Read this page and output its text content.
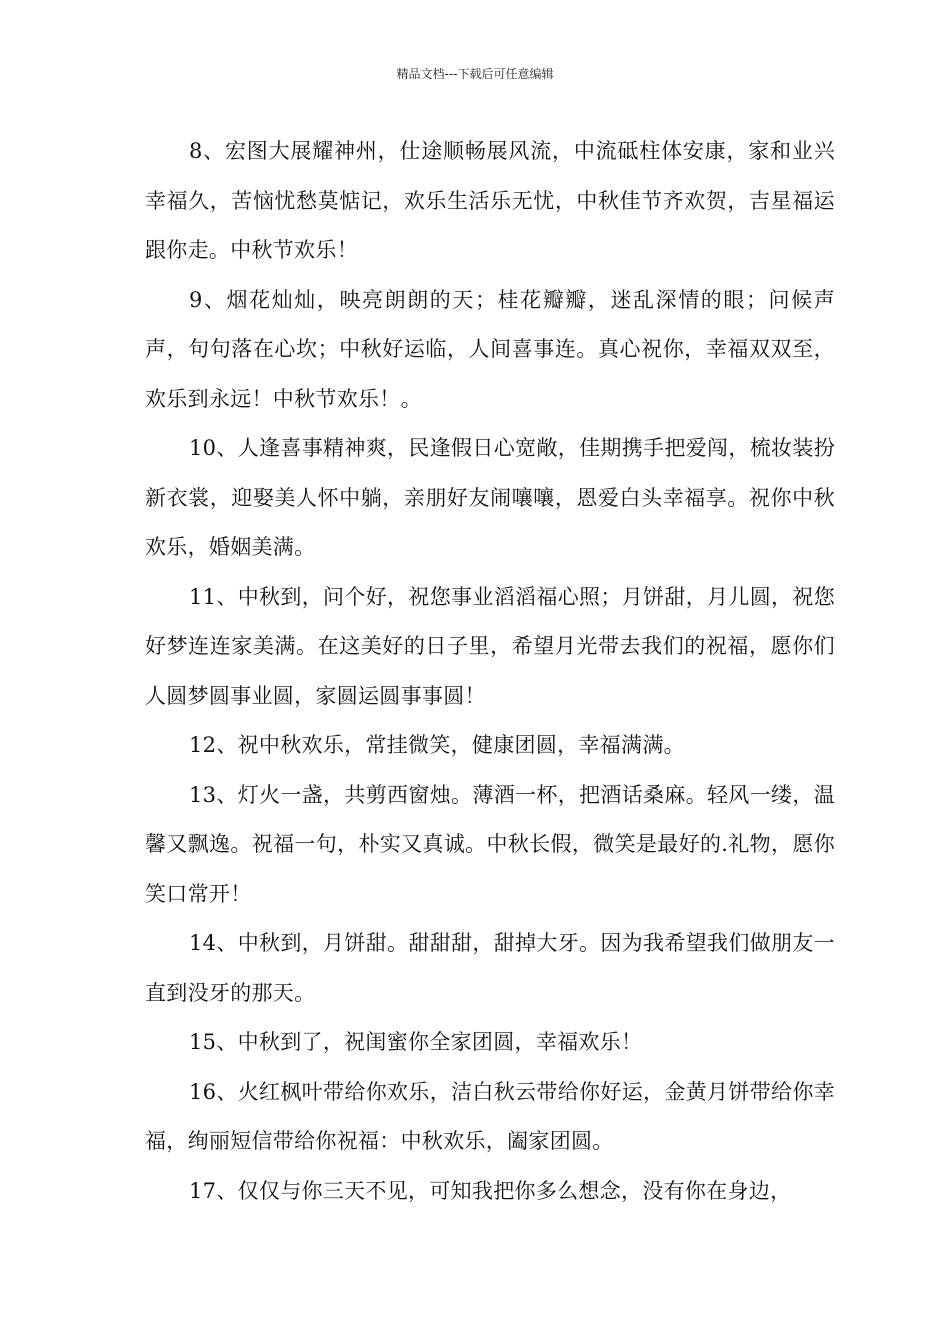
精品文档---下载后可任意编辑

8、宏图大展耀神州，仕途顺畅展风流，中流砥柱体安康，家和业兴幸福久，苦恼忧愁莫惦记，欢乐生活乐无忧，中秋佳节齐欢贺，吉星福运跟你走。中秋节欢乐！

9、烟花灿灿，映亮朗朗的天；桂花瓣瓣，迷乱深情的眼；问候声声，句句落在心坎；中秋好运临，人间喜事连。真心祝你，幸福双双至，欢乐到永远！中秋节欢乐！。

10、人逢喜事精神爽，民逢假日心宽敞，佳期携手把爱闯，梳妆装扮新衣裳，迎娶美人怀中躺，亲朋好友闹嚷嚷，恩爱白头幸福享。祝你中秋欢乐，婚姻美满。

11、中秋到，问个好，祝您事业滔滔福心照；月饼甜，月儿圆，祝您好梦连连家美满。在这美好的日子里，希望月光带去我们的祝福，愿你们人圆梦圆事业圆，家圆运圆事事圆！

12、祝中秋欢乐，常挂微笑，健康团圆，幸福满满。

13、灯火一盏，共剪西窗烛。薄酒一杯，把酒话桑麻。轻风一缕，温馨又飘逸。祝福一句，朴实又真诚。中秋长假，微笑是最好的.礼物，愿你笑口常开！

14、中秋到，月饼甜。甜甜甜，甜掉大牙。因为我希望我们做朋友一直到没牙的那天。

15、中秋到了，祝闺蜜你全家团圆，幸福欢乐！

16、火红枫叶带给你欢乐，洁白秋云带给你好运，金黄月饼带给你幸福，绚丽短信带给你祝福：中秋欢乐，阖家团圆。

17、仅仅与你三天不见，可知我把你多么想念，没有你在身边，
